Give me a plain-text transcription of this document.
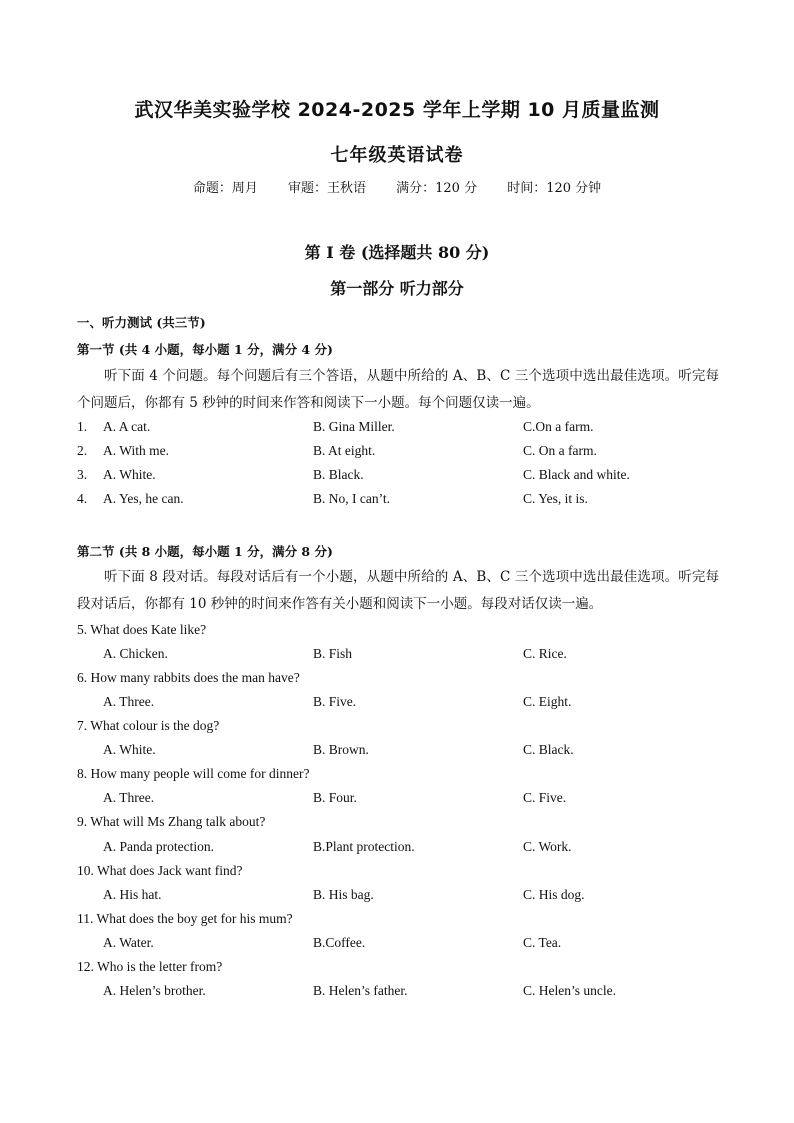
武汉华美实验学校 2024-2025 学年上学期 10 月质量监测
七年级英语试卷
命题：周月 审题：王秋语 满分：120 分 时间：120 分钟
第 I 卷 (选择题共 80 分)
第一部分 听力部分
一、听力测试 (共三节)
第一节 (共 4 小题，每小题 1 分，满分 4 分)
听下面 4 个问题。每个问题后有三个答语，从题中所给的 A、B、C 三个选项中选出最佳选项。听完每个问题后，你都有 5 秒钟的时间来作答和阅读下一小题。每个问题仅读一遍。
1. A. A cat.	B. Gina Miller.	C.On a farm.
2. A. With me.	B. At eight.	C. On a farm.
3. A. White.	B. Black.	C. Black and white.
4. A. Yes, he can.	B. No, I can’t.	C. Yes, it is.
第二节 (共 8 小题，每小题 1 分，满分 8 分)
听下面 8 段对话。每段对话后有一个小题，从题中所给的 A、B、C 三个选项中选出最佳选项。听完每段对话后，你都有 10 秒钟的时间来作答有关小题和阅读下一小题。每段对话仅读一遍。
5. What does Kate like?
A. Chicken.	B. Fish	C. Rice.
6. How many rabbits does the man have?
A. Three.	B. Five.	C. Eight.
7. What colour is the dog?
A. White.	B. Brown.	C. Black.
8. How many people will come for dinner?
A. Three.	B. Four.	C. Five.
9. What will Ms Zhang talk about?
A. Panda protection.	B.Plant protection.	C. Work.
10. What does Jack want find?
A. His hat.	B. His bag.	C. His dog.
11. What does the boy get for his mum?
A. Water.	B.Coffee.	C. Tea.
12. Who is the letter from?
A. Helen’s brother.	B. Helen’s father.	C. Helen’s uncle.
